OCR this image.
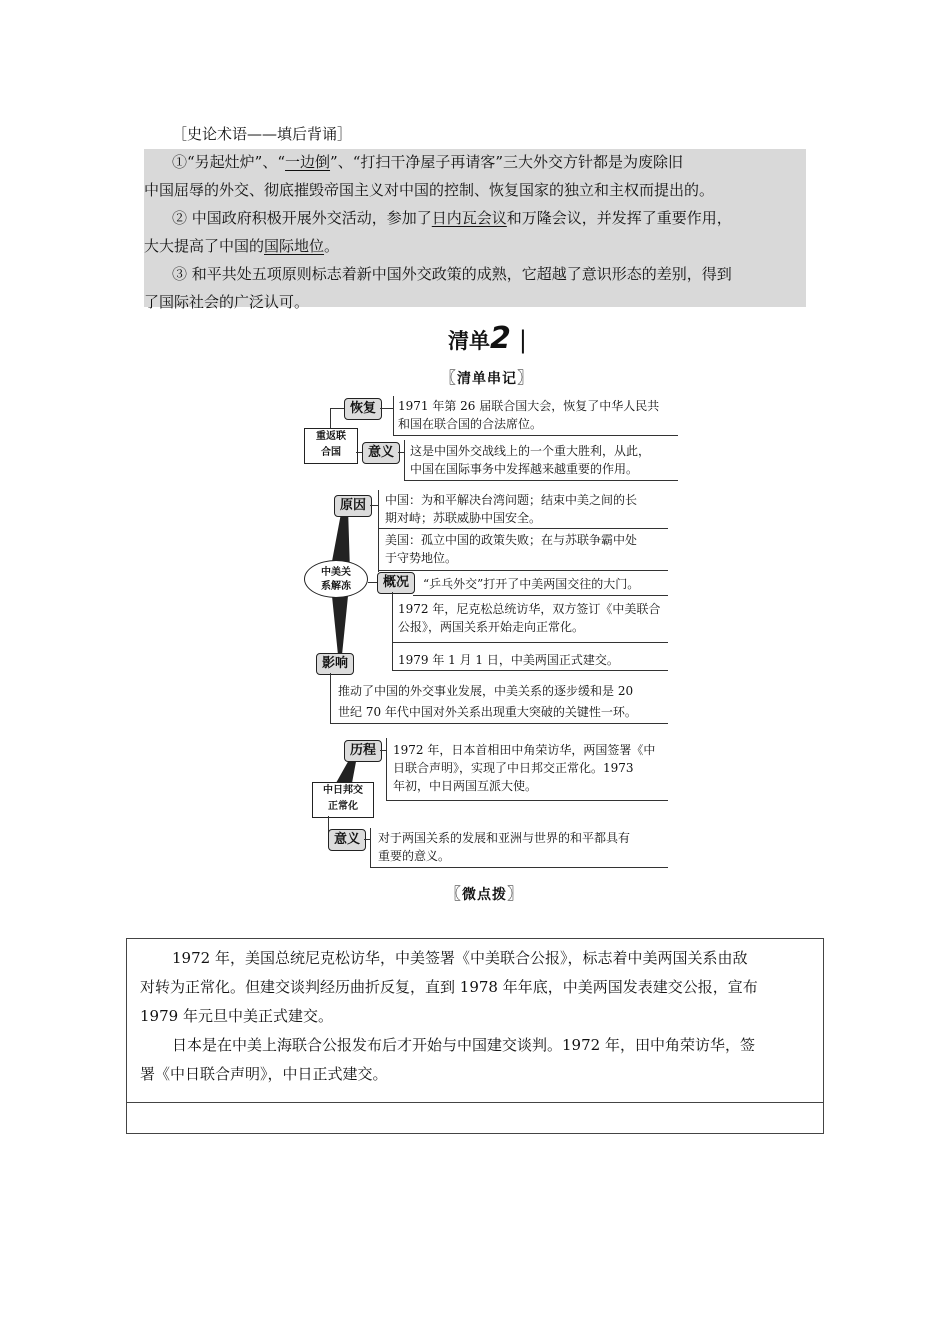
［史论术语——填后背诵］
①“另起灶炉”、“一边倒”、“打扫干净屋子再请客”三大外交方针都是为废除旧
中国屈辱的外交、彻底摧毁帝国主义对中国的控制、恢复国家的独立和主权而提出的。
② 中国政府积极开展外交活动，参加了日内瓦会议和万隆会议，并发挥了重要作用，
大大提高了中国的国际地位。
③ 和平共处五项原则标志着新中国外交政策的成熟，它超越了意识形态的差别，得到
了国际社会的广泛认可。
清单2 |
〖清单串记〗
重返联
合国
恢复	1971 年第 26 届联合国大会，恢复了中华人民共
和国在联合国的合法席位。
意义	这是中国外交战线上的一个重大胜利，从此，
中国在国际事务中发挥越来越重要的作用。
中美关
系解冻
原因	中国：为和平解决台湾问题；结束中美之间的长
期对峙；苏联威胁中国安全。
美国：孤立中国的政策失败；在与苏联争霸中处
于守势地位。
概况	“乒乓外交”打开了中美两国交往的大门。
1972 年，尼克松总统访华，双方签订《中美联合
公报》，两国关系开始走向正常化。
1979 年 1 月 1 日，中美两国正式建交。
影响
推动了中国的外交事业发展，中美关系的逐步缓和是 20
世纪 70 年代中国对外关系出现重大突破的关键性一环。
中日邦交
正常化
历程	1972 年，日本首相田中角荣访华，两国签署《中
日联合声明》，实现了中日邦交正常化。1973
年初，中日两国互派大使。
意义	对于两国关系的发展和亚洲与世界的和平都具有
重要的意义。
〖微点拨〗
1972 年，美国总统尼克松访华，中美签署《中美联合公报》，标志着中美两国关系由敌
对转为正常化。但建交谈判经历曲折反复，直到 1978 年年底，中美两国发表建交公报，宣布
1979 年元旦中美正式建交。
日本是在中美上海联合公报发布后才开始与中国建交谈判。1972 年，田中角荣访华，签
署《中日联合声明》，中日正式建交。
